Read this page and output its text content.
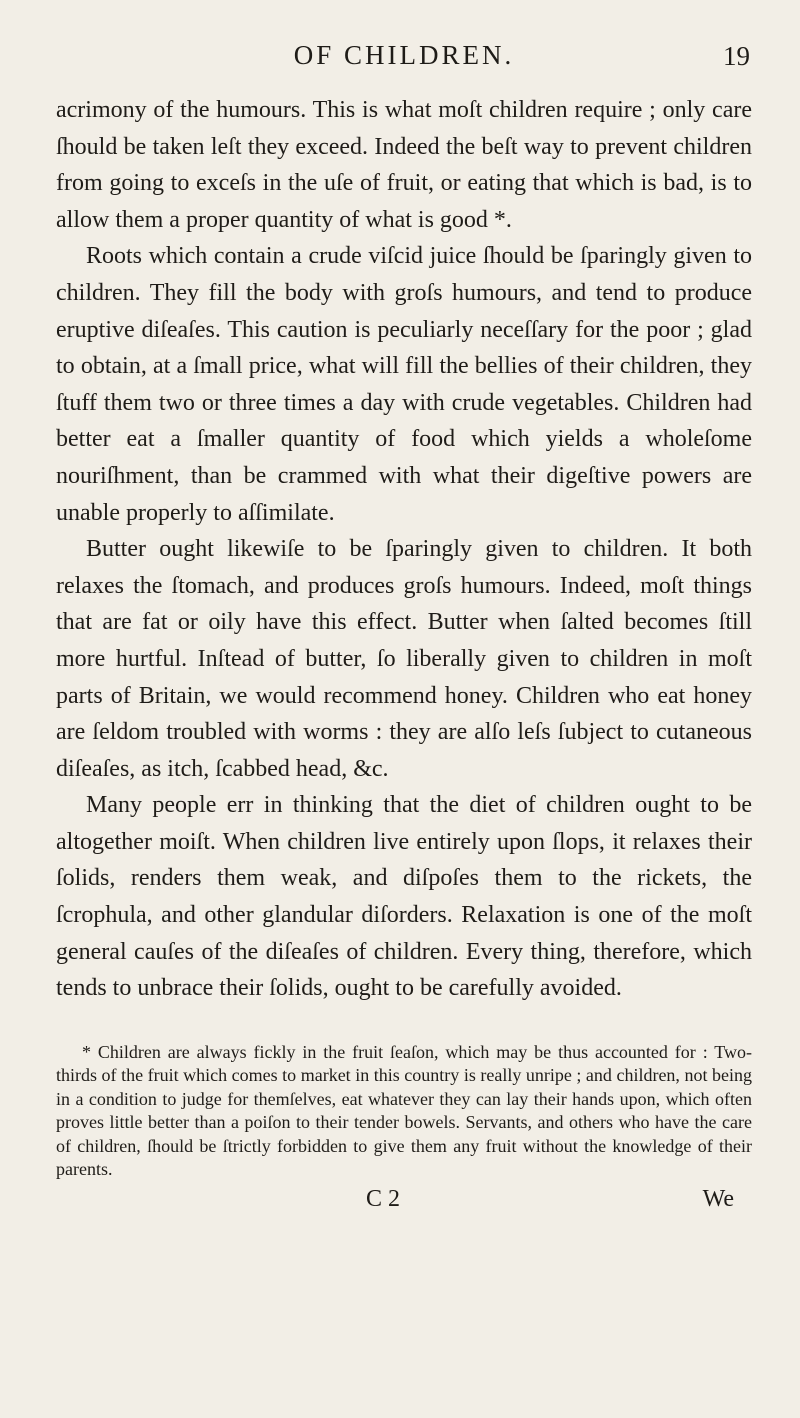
OF CHILDREN.	19

acrimony of the humours. This is what moſt children require ; only care ſhould be taken leſt they exceed. Indeed the beſt way to prevent children from going to exceſs in the uſe of fruit, or eating that which is bad, is to allow them a proper quantity of what is good *.

Roots which contain a crude viſcid juice ſhould be ſparingly given to children. They fill the body with groſs humours, and tend to produce eruptive diſeaſes. This caution is peculiarly neceſſary for the poor ; glad to obtain, at a ſmall price, what will fill the bellies of their children, they ſtuff them two or three times a day with crude vegetables. Children had better eat a ſmaller quantity of food which yields a wholeſome nouriſhment, than be crammed with what their digeſtive powers are unable properly to aſſimilate.

Butter ought likewiſe to be ſparingly given to children. It both relaxes the ſtomach, and produces groſs humours. Indeed, moſt things that are fat or oily have this effect. Butter when ſalted becomes ſtill more hurtful. Inſtead of butter, ſo liberally given to children in moſt parts of Britain, we would recommend honey. Children who eat honey are ſeldom troubled with worms : they are alſo leſs ſubject to cutaneous diſeaſes, as itch, ſcabbed head, &c.

Many people err in thinking that the diet of children ought to be altogether moiſt. When children live entirely upon ſlops, it relaxes their ſolids, renders them weak, and diſpoſes them to the rickets, the ſcrophula, and other glandular diſorders. Relaxation is one of the moſt general cauſes of the diſeaſes of children. Every thing, therefore, which tends to unbrace their ſolids, ought to be carefully avoided.

* Children are always fickly in the fruit ſeaſon, which may be thus accounted for : Two-thirds of the fruit which comes to market in this country is really unripe ; and children, not being in a condition to judge for themſelves, eat whatever they can lay their hands upon, which often proves little better than a poiſon to their tender bowels. Servants, and others who have the care of children, ſhould be ſtrictly forbidden to give them any fruit without the knowledge of their parents.

C 2	We
